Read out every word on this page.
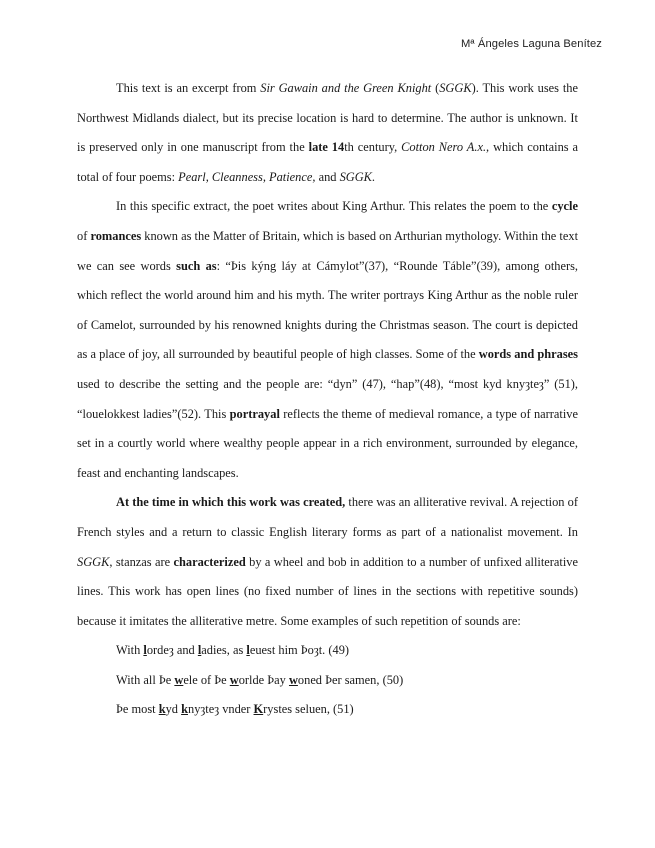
Mª Ángeles Laguna Benítez

This text is an excerpt from Sir Gawain and the Green Knight (SGGK). This work uses the Northwest Midlands dialect, but its precise location is hard to determine. The author is unknown. It is preserved only in one manuscript from the late 14th century, Cotton Nero A.x., which contains a total of four poems: Pearl, Cleanness, Patience, and SGGK.

In this specific extract, the poet writes about King Arthur. This relates the poem to the cycle of romances known as the Matter of Britain, which is based on Arthurian mythology. Within the text we can see words such as: “Þis kýng láy at Cámylot”(37), “Rounde Táble”(39), among others, which reflect the world around him and his myth. The writer portrays King Arthur as the noble ruler of Camelot, surrounded by his renowned knights during the Christmas season. The court is depicted as a place of joy, all surrounded by beautiful people of high classes. Some of the words and phrases used to describe the setting and the people are: “dyn” (47), “hap”(48), “most kyd knyȝteȝ” (51), “louelokkest ladies”(52). This portrayal reflects the theme of medieval romance, a type of narrative set in a courtly world where wealthy people appear in a rich environment, surrounded by elegance, feast and enchanting landscapes.

At the time in which this work was created, there was an alliterative revival. A rejection of French styles and a return to classic English literary forms as part of a nationalist movement. In SGGK, stanzas are characterized by a wheel and bob in addition to a number of unfixed alliterative lines. This work has open lines (no fixed number of lines in the sections with repetitive sounds) because it imitates the alliterative metre. Some examples of such repetition of sounds are:

With lordeȝ and ladies, as leuest him Þoȝt. (49)
With all Þe wele of Þe worlde Þay woned Þer samen, (50)
Þe most kyd knyȝteȝ vnder Krystes seluen, (51)
